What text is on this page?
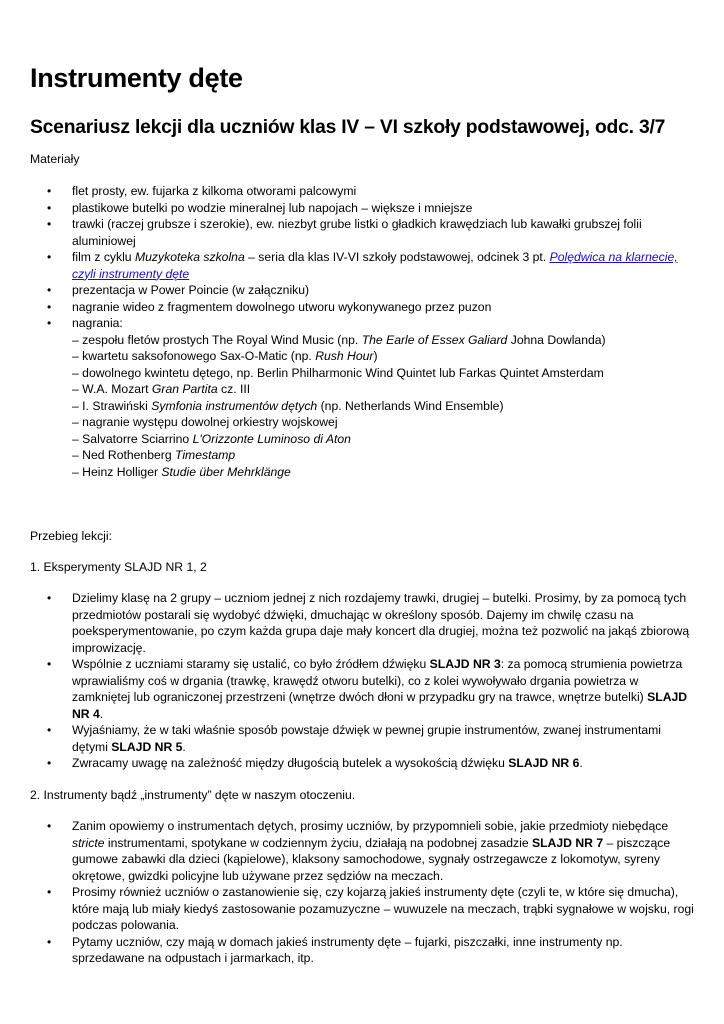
Instrumenty dęte
Scenariusz lekcji dla uczniów klas IV – VI szkoły podstawowej, odc. 3/7

Materiały

• flet prosty, ew. fujarka z kilkoma otworami palcowymi
• plastikowe butelki po wodzie mineralnej lub napojach – większe i mniejsze
• trawki (raczej grubsze i szerokie), ew. niezbyt grube listki o gładkich krawędziach lub kawałki grubszej folii
aluminiowej
• film z cyklu Muzykoteka szkolna – seria dla klas IV-VI szkoły podstawowej, odcinek 3 pt. Polędwica na klarnecie,
czyli instrumenty dęte
• prezentacja w Power Poincie (w załączniku)
• nagranie wideo z fragmentem dowolnego utworu wykonywanego przez puzon
• nagrania:
– zespołu fletów prostych The Royal Wind Music (np. The Earle of Essex Galiard Johna Dowlanda)
– kwartetu saksofonowego Sax-O-Matic (np. Rush Hour)
– dowolnego kwintetu dętego, np. Berlin Philharmonic Wind Quintet lub Farkas Quintet Amsterdam
– W.A. Mozart Gran Partita cz. III
– I. Strawiński Symfonia instrumentów dętych (np. Netherlands Wind Ensemble)
– nagranie występu dowolnej orkiestry wojskowej
– Salvatorre Sciarrino L'Orizzonte Luminoso di Aton
– Ned Rothenberg Timestamp
– Heinz Holliger Studie über Mehrklänge

Przebieg lekcji:

1. Eksperymenty SLAJD NR 1, 2

• Dzielimy klasę na 2 grupy – uczniom jednej z nich rozdajemy trawki, drugiej – butelki. Prosimy, by za pomocą tych
przedmiotów postarali się wydobyć dźwięki, dmuchając w określony sposób. Dajemy im chwilę czasu na
poeksperymentowanie, po czym każda grupa daje mały koncert dla drugiej, można też pozwolić na jakąś zbiorową
improwizację.
• Wspólnie z uczniami staramy się ustalić, co było źródłem dźwięku SLAJD NR 3: za pomocą strumienia powietrza
wprawialiśmy coś w drgania (trawkę, krawędź otworu butelki), co z kolei wywoływało drgania powietrza w
zamkniętej lub ograniczonej przestrzeni (wnętrze dwóch dłoni w przypadku gry na trawce, wnętrze butelki) SLAJD
NR 4.
• Wyjaśniamy, że w taki właśnie sposób powstaje dźwięk w pewnej grupie instrumentów, zwanej instrumentami
dętymi SLAJD NR 5.
• Zwracamy uwagę na zależność między długością butelek a wysokością dźwięku SLAJD NR 6.

2. Instrumenty bądź „instrumenty” dęte w naszym otoczeniu.

• Zanim opowiemy o instrumentach dętych, prosimy uczniów, by przypomnieli sobie, jakie przedmioty niebędące
stricte instrumentami, spotykane w codziennym życiu, działają na podobnej zasadzie SLAJD NR 7 – piszczące
gumowe zabawki dla dzieci (kąpielowe), klaksony samochodowe, sygnały ostrzegawcze z lokomotyw, syreny
okrętowe, gwizdki policyjne lub używane przez sędziów na meczach.
• Prosimy również uczniów o zastanowienie się, czy kojarzą jakieś instrumenty dęte (czyli te, w które się dmucha),
które mają lub miały kiedyś zastosowanie pozamuzyczne – wuwuzele na meczach, trąbki sygnałowe w wojsku, rogi
podczas polowania.
• Pytamy uczniów, czy mają w domach jakieś instrumenty dęte – fujarki, piszczałki, inne instrumenty np.
sprzedawane na odpustach i jarmarkach, itp.
